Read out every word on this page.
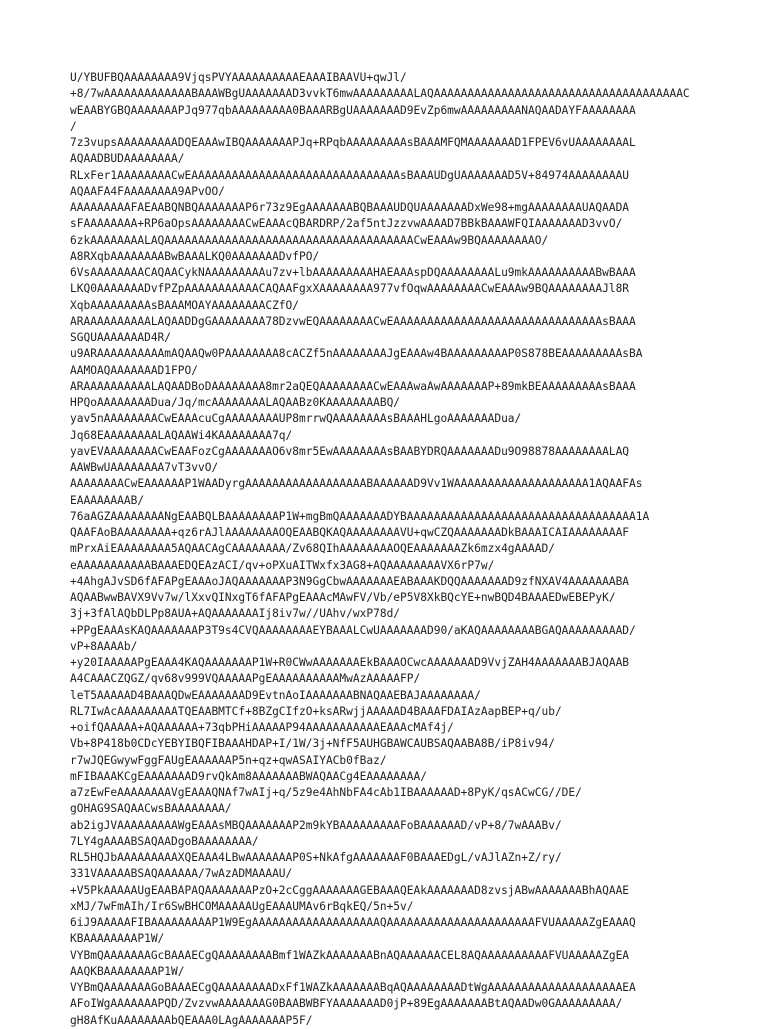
U/YBUFBQAAAAAAAA9VjqsPVYAAAAAAAAAAEAAAIBAAVU+qwJl/
+8/7wAAAAAAAAAAAAABAAAWBgUAAAAAAAD3vvkT6mwAAAAAAAAALAQAAAAAAAAAAAAAAAAAAAAAAAAAAAAAAAAAAAAAC
wEAABYGBQAAAAAAAPJq977qbAAAAAAAAA0BAAARBgUAAAAAAAD9EvZp6mwAAAAAAAAANAQAADAYFAAAAAAAA
/
7z3vupsAAAAAAAAADQEAAAwIBQAAAAAAAPJq+RPqbAAAAAAAAAsBAAAMFQMAAAAAAAD1FPEV6vUAAAAAAAAL
AQAADBUDAAAAAAAA/
RLxFer1AAAAAAAACwEAAAAAAAAAAAAAAAAAAAAAAAAAAAAAAAsBAAAUDgUAAAAAAAD5V+84974AAAAAAAAU
AQAAFA4FAAAAAAAA9APvOO/
AAAAAAAAAFAEAABQNBQAAAAAAAP6r73z9EgAAAAAAABQBAAAUDQUAAAAAAADxWe98+mgAAAAAAAAUAQAADA
sFAAAAAAAA+RP6aOpsAAAAAAAACwEAAAcQBARDRP/2af5ntJzzvwAAAAD7BBkBAAAWFQIAAAAAAAD3vvO/
6zkAAAAAAAALAQAAAAAAAAAAAAAAAAAAAAAAAAAAAAAAAAAAAAACwEAAAw9BQAAAAAAAAO/
A8RXqbAAAAAAAABwBAAALKQ0AAAAAAADvfPO/
6VsAAAAAAAACAQAACykNAAAAAAAAAu7zv+lbAAAAAAAAAHAEAAAspDQAAAAAAAALu9mkAAAAAAAAAABwBAAA
LKQ0AAAAAAADvfPZpAAAAAAAAAAACAQAAFgxXAAAAAAAA977vfOqwAAAAAAAACwEAAAw9BQAAAAAAAAJl8R
XqbAAAAAAAAAsBAAAMOAYAAAAAAAACZfO/
ARAAAAAAAAAALAQAADDgGAAAAAAAA78DzvwEQAAAAAAAACwEAAAAAAAAAAAAAAAAAAAAAAAAAAAAAAAsBAAA
SGQUAAAAAAAD4R/
u9ARAAAAAAAAAAmAQAAQw0PAAAAAAAA8cACZf5nAAAAAAAAJgEAAAw4BAAAAAAAAAP0S878BEAAAAAAAAAsBA
AAMOAQAAAAAAAD1FPO/
ARAAAAAAAAAALAQAADBoDAAAAAAAA8mr2aQEQAAAAAAAACwEAAAwaAwAAAAAAAP+89mkBEAAAAAAAAAsBAAA
HPQoAAAAAAAADua/Jq/mcAAAAAAAALAQAABz0KAAAAAAAABQ/
yav5nAAAAAAAACwEAAAcuCgAAAAAAAAUP8mrrwQAAAAAAAAsBAAAHLgoAAAAAAADua/
Jq68EAAAAAAAALAQAAWi4KAAAAAAAA7q/
yavEVAAAAAAAACwEAAFozCgAAAAAAAO6v8mr5EwAAAAAAAAsBAABYDRQAAAAAAADu9O98878AAAAAAAALAQ
AAWBwUAAAAAAAA7vT3vvO/
AAAAAAAACwEAAAAAAP1WAADyrgAAAAAAAAAAAAAAAAAABAAAAAAD9Vv1WAAAAAAAAAAAAAAAAAAAA1AQAAFAs
EAAAAAAAAB/
76aAGZAAAAAAAANgEAABQLBAAAAAAAAP1W+mgBmQAAAAAAADYBAAAAAAAAAAAAAAAAAAAAAAAAAAAAAAAAAA1A
QAAFAoBAAAAAAAA+qz6rAJlAAAAAAAAOQEAABQKAQAAAAAAAAVU+qwCZQAAAAAAADkBAAAICAIAAAAAAAAF
mPrxAiEAAAAAAAA5AQAACAgCAAAAAAAA/Zv68QIhAAAAAAAAOQEAAAAAAAZk6mzx4gAAAAD/
eAAAAAAAAAAABAAAEDQEAzACI/qv+oPXuAITWxfx3AG8+AQAAAAAAAAVX6rP7w/
+4AhgAJvSD6fAFAPgEAAAoJAQAAAAAAAP3N9GgCbwAAAAAAAEABAAAKDQQAAAAAAAD9zfNXAV4AAAAAAABA
AQAABwwBAVX9Vv7w/lXxvQINxgT6fAFAPgEAAAcMAwFV/Vb/eP5V8XkBQcYE+nwBQD4BAAAEDwEBEPyK/
3j+3fAlAQbDLPp8AUA+AQAAAAAAAIj8iv7w//UAhv/wxP78d/
+PPgEAAAsKAQAAAAAAAP3T9s4CVQAAAAAAAAEYBAAALCwUAAAAAAAD90/aKAQAAAAAAAABGAQAAAAAAAAAD/
vP+8AAAAb/
+y20IAAAAAPgEAAA4KAQAAAAAAAP1W+R0CWwAAAAAAAEkBAAAOCwcAAAAAAAD9VvjZAH4AAAAAAABJAQAAB
A4CAAACZQGZ/qv68v999VQAAAAAPgEAAAAAAAAAAMwAzAAAAAFP/
leT5AAAAAD4BAAAQDwEAAAAAAAD9EvtnAoIAAAAAAABNAQAAEBAJAAAAAAAA/
RL7IwAcAAAAAAAAATQEAABMTCf+8BZgCIfzO+ksARwjjAAAAAD4BAAAFDAIAzAapBEP+q/ub/
+oifQAAAAA+AQAAAAAA+73qbPHiAAAAAP94AAAAAAAAAAAEAAAcMAf4j/
Vb+8P418b0CDcYEBYIBQFIBAAAHDAP+I/1W/3j+NfF5AUHGBAWCAUBSAQAABA8B/iP8iv94/
r7wJQEGwywFggFAUgEAAAAAAP5n+qz+qwASAIYACb0fBaz/
mFIBAAAKCgEAAAAAAAD9rvQkAm8AAAAAAABWAQAACg4EAAAAAAAA/
a7zEwFeAAAAAAAAVgEAAAQNAf7wAIj+q/5z9e4AhNbFA4cAb1IBAAAAAAD+8PyK/qsACwCG//DE/
gOHAG9SAQAACwsBAAAAAAAA/
ab2igJVAAAAAAAAAWgEAAAsMBQAAAAAAAP2m9kYBAAAAAAAAAFoBAAAAAAD/vP+8/7wAAABv/
7LY4gAAAABSAQAADgoBAAAAAAAA/
RL5HQJbAAAAAAAAAXQEAAA4LBwAAAAAAAP0S+NkAfgAAAAAAAF0BAAAEDgL/vAJlAZn+Z/ry/
331VAAAAABSAQAAAAAA/7wAzADMAAAAU/
+V5PkAAAAAUgEAABAPAQAAAAAAAPzO+2cCggAAAAAAAGEBAAAQEAkAAAAAAAD8zvsjABwAAAAAAABhAQAAE
xMJ/7wFmAIh/Ir6SwBHCOMAAAAAUgEAAAUMAv6rBqkEQ/5n+5v/
6iJ9AAAAAFIBAAAAAAAAAP1W9EgAAAAAAAAAAAAAAAAAAAQAAAAAAAAAAAAAAAAAAAAAAFVUAAAAAZgEAAAQ
KBAAAAAAAAP1W/
VYBmQAAAAAAAGcBAAAECgQAAAAAAAABmf1WAZkAAAAAAABnAQAAAAAACEL8AQAAAAAAAAAAFVUAAAAAZgEA
AAQKBAAAAAAAAP1W/
VYBmQAAAAAAAGoBAAAECgQAAAAAAAADxFf1WAZkAAAAAAABqAQAAAAAAAADtWgAAAAAAAAAAAAAAAAAAAAEA
AFoIWgAAAAAAAPQD/ZvzvwAAAAAAAG0BAABWBFYAAAAAAAD0jP+89EgAAAAAAABtAQAADw0GAAAAAAAAA/
gH8AfKuAAAAAAAAbQEAAA0LAgAAAAAAAP5F/
